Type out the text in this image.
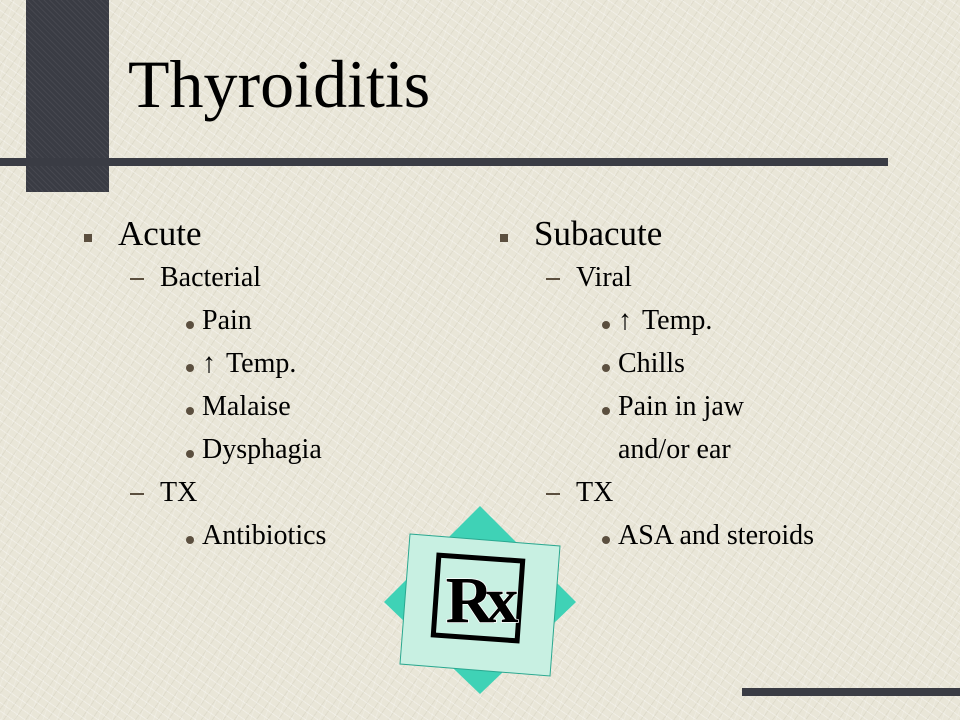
Thyroiditis
Acute
Bacterial
Pain
↑ Temp.
Malaise
Dysphagia
TX
Antibiotics
Subacute
Viral
↑ Temp.
Chills
Pain in jaw
and/or ear
TX
ASA and steroids
Rx
